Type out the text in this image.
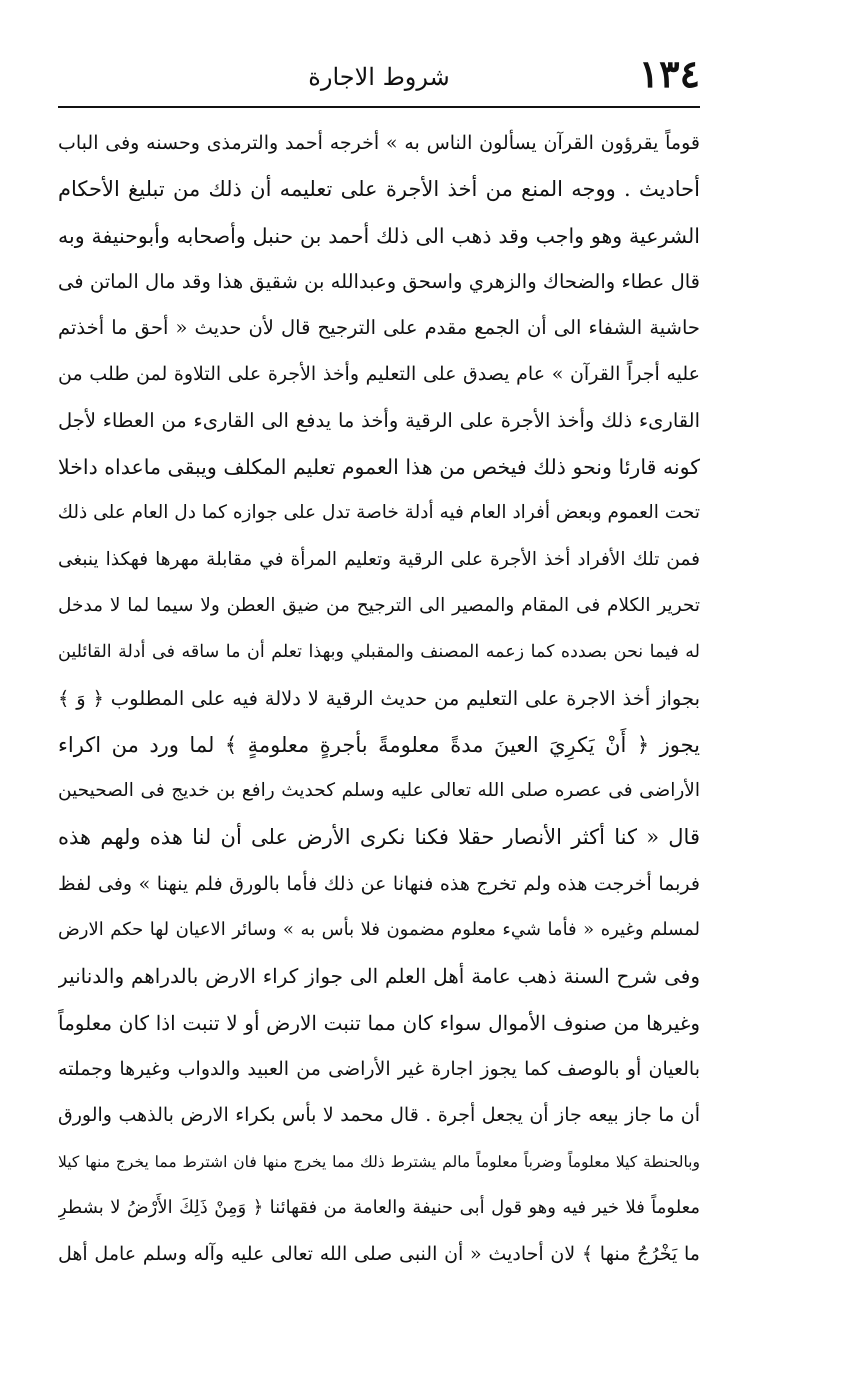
١٣٤
شروط الاجارة
قوماً يقرؤون القرآن يسألون الناس به » أخرجه أحمد والترمذى وحسنه وفى الباب
أحاديث . ووجه المنع من أخذ الأجرة على تعليمه أن ذلك من تبليغ الأحكام
الشرعية وهو واجب وقد ذهب الى ذلك أحمد بن حنبل وأصحابه وأبوحنيفة وبه
قال عطاء والضحاك والزهري واسحق وعبدالله بن شقيق هذا وقد مال الماتن فى
حاشية الشفاء الى أن الجمع مقدم على الترجيح قال لأن حديث « أحق ما أخذتم
عليه أجراً القرآن » عام يصدق على التعليم وأخذ الأجرة على التلاوة لمن طلب من
القارىء ذلك وأخذ الأجرة على الرقية وأخذ ما يدفع الى القارىء من العطاء لأجل
كونه قارئا ونحو ذلك فيخص من هذا العموم تعليم المكلف ويبقى ماعداه داخلا
تحت العموم وبعض أفراد العام فيه أدلة خاصة تدل على جوازه كما دل العام على ذلك
فمن تلك الأفراد أخذ الأجرة على الرقية وتعليم المرأة في مقابلة مهرها فهكذا ينبغى
تحرير الكلام فى المقام والمصير الى الترجيح من ضيق العطن ولا سيما لما لا مدخل
له فيما نحن بصدده كما زعمه المصنف والمقبلي وبهذا تعلم أن ما ساقه فى أدلة القائلين
بجواز أخذ الاجرة على التعليم من حديث الرقية لا دلالة فيه على المطلوب ﴿ وَ ﴾
يجوز ﴿ أَنْ يَكرِيَ العينَ مدةً معلومةً بأجرةٍ معلومةٍ ﴾ لما ورد من اكراء
الأراضى فى عصره صلى الله تعالى عليه وسلم كحديث رافع بن خديج فى الصحيحين
قال « كنا أكثر الأنصار حقلا فكنا نكرى الأرض على أن لنا هذه ولهم هذه
فربما أخرجت هذه ولم تخرج هذه فنهانا عن ذلك فأما بالورق فلم ينهنا » وفى لفظ
لمسلم وغيره « فأما شيء معلوم مضمون فلا بأس به » وسائر الاعيان لها حكم الارض
وفى شرح السنة ذهب عامة أهل العلم الى جواز كراء الارض بالدراهم والدنانير
وغيرها من صنوف الأموال سواء كان مما تنبت الارض أو لا تنبت اذا كان معلوماً
بالعيان أو بالوصف كما يجوز اجارة غير الأراضى من العبيد والدواب وغيرها وجملته
أن ما جاز بيعه جاز أن يجعل أجرة . قال محمد لا بأس بكراء الارض بالذهب والورق
وبالحنطة كيلا معلوماً وضرباً معلوماً مالم يشترط ذلك مما يخرج منها فان اشترط مما يخرج منها كيلا
معلوماً فلا خير فيه وهو قول أبى حنيفة والعامة من فقهائنا ﴿ وَمِنْ ذَلِكَ الأَرْضُ لا بشطرِ
ما يَخْرُجُ منها ﴾ لان أحاديث « أن النبى صلى الله تعالى عليه وآله وسلم عامل أهل
